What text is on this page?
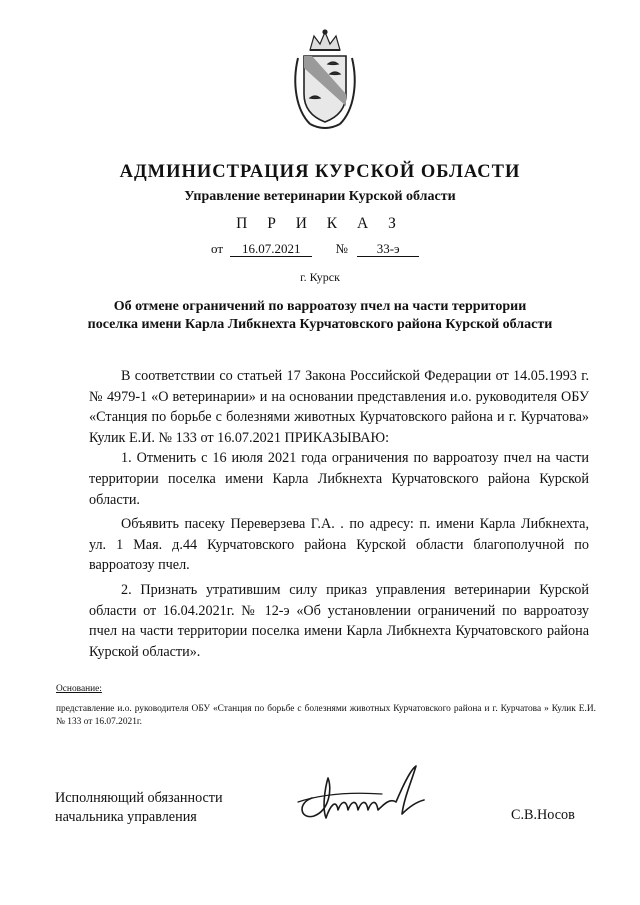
АДМИНИСТРАЦИЯ КУРСКОЙ ОБЛАСТИ
Управление ветеринарии Курской области
П Р И К А З
от 16.07.2021	№ 33-э
г. Курск
Об отмене ограничений по варроатозу пчел на части территории
поселка имени Карла Либкнехта Курчатовского района Курской области

В соответствии со статьей 17 Закона Российской Федерации от 14.05.1993 г. № 4979-1 «О ветеринарии» и на основании представления и.о. руководителя ОБУ «Станция по борьбе с болезнями животных Курчатовского района и г. Курчатова» Кулик Е.И. № 133 от 16.07.2021 ПРИКАЗЫВАЮ:

1. Отменить с 16 июля 2021 года ограничения по варроатозу пчел на части территории поселка имени Карла Либкнехта Курчатовского района Курской области.

Объявить пасеку Переверзева Г.А. . по адресу: п. имени Карла Либкнехта, ул. 1 Мая. д.44 Курчатовского района Курской области благополучной по варроатозу пчел.

2. Признать утратившим силу приказ управления ветеринарии Курской области от 16.04.2021г. № 12-э «Об установлении ограничений по варроатозу пчел на части территории поселка имени Карла Либкнехта Курчатовского района Курской области».

Основание:
представление и.о. руководителя ОБУ «Станция по борьбе с болезнями животных Курчатовского района и г. Курчатова » Кулик Е.И. № 133 от 16.07.2021г.
Исполняющий обязанности
начальника управления	С.В.Носов
